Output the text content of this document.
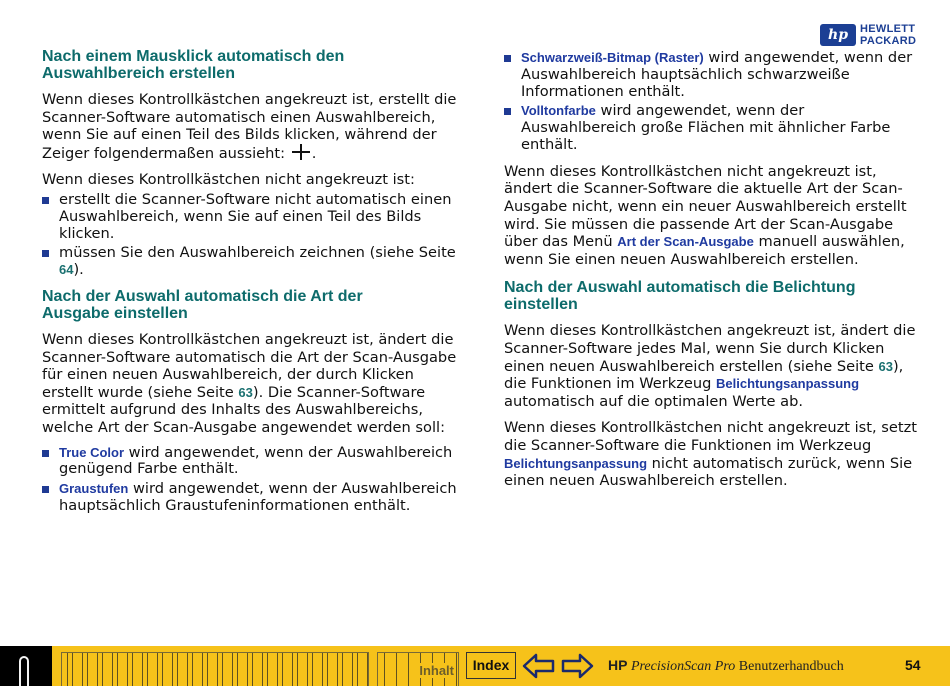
hp	HEWLETT
PACKARD
Nach einem Mausklick automatisch den
Auswahlbereich erstellen

Wenn dieses Kontrollkästchen angekreuzt ist, erstellt die Scanner-Software automatisch einen Auswahlbereich, wenn Sie auf einen Teil des Bilds klicken, während der Zeiger folgendermaßen aussieht: .

Wenn dieses Kontrollkästchen nicht angekreuzt ist:

erstellt die Scanner-Software nicht automatisch einen Auswahlbereich, wenn Sie auf einen Teil des Bilds klicken.
müssen Sie den Auswahlbereich zeichnen (siehe Seite 64).
Nach der Auswahl automatisch die Art der
Ausgabe einstellen

Wenn dieses Kontrollkästchen angekreuzt ist, ändert die Scanner-Software automatisch die Art der Scan-Ausgabe für einen neuen Auswahlbereich, der durch Klicken erstellt wurde (siehe Seite 63). Die Scanner-Software ermittelt aufgrund des Inhalts des Auswahlbereichs, welche Art der Scan-Ausgabe angewendet werden soll:

True Color wird angewendet, wenn der Auswahlbereich genügend Farbe enthält.
Graustufen wird angewendet, wenn der Auswahlbereich hauptsächlich Graustufeninformationen enthält.
Schwarzweiß-Bitmap (Raster) wird angewendet, wenn der Auswahlbereich hauptsächlich schwarzweiße Informationen enthält.
Volltonfarbe wird angewendet, wenn der Auswahlbereich große Flächen mit ähnlicher Farbe enthält.

Wenn dieses Kontrollkästchen nicht angekreuzt ist, ändert die Scanner-Software die aktuelle Art der Scan-Ausgabe nicht, wenn ein neuer Auswahlbereich erstellt wird. Sie müssen die passende Art der Scan-Ausgabe über das Menü Art der Scan-Ausgabe manuell auswählen, wenn Sie einen neuen Auswahlbereich erstellen.

Nach der Auswahl automatisch die Belichtung
einstellen

Wenn dieses Kontrollkästchen angekreuzt ist, ändert die Scanner-Software jedes Mal, wenn Sie durch Klicken einen neuen Auswahlbereich erstellen (siehe Seite 63), die Funktionen im Werkzeug Belichtungsanpassung automatisch auf die optimalen Werte ab.

Wenn dieses Kontrollkästchen nicht angekreuzt ist, setzt die Scanner-Software die Funktionen im Werkzeug Belichtungsanpassung nicht automatisch zurück, wenn Sie einen neuen Auswahlbereich erstellen.

Inhalt	Index	HP PrecisionScan Pro Benutzerhandbuch	54
